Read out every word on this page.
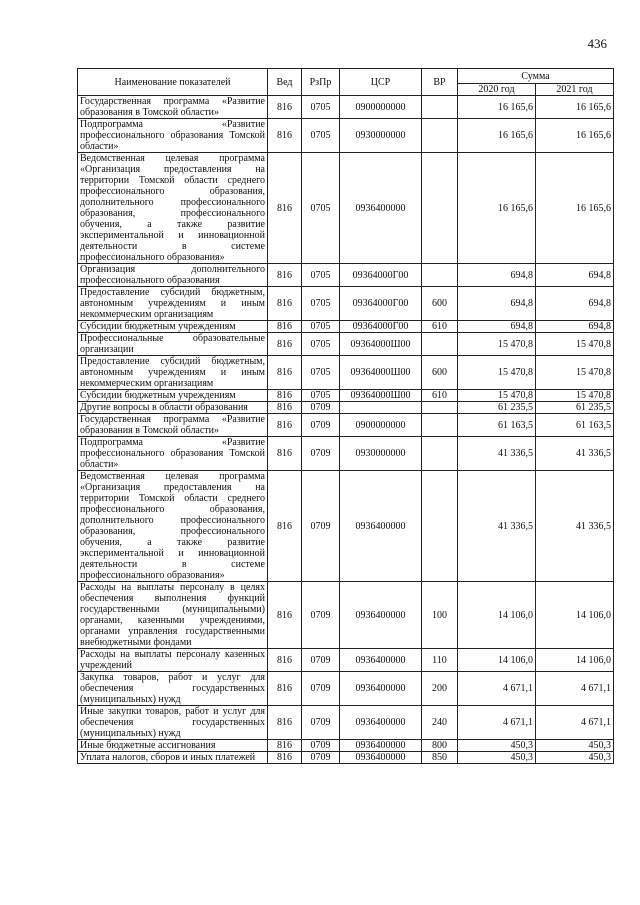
436
Наименование показателей	Вед	РзПр	ЦСР	ВР	Сумма	
					2020 год	2021 год
Государственная программа «Развитие образования в Томской области»	816	0705	0900000000		16 165,6	16 165,6
Подпрограмма «Развитие профессионального образования Томской области»	816	0705	0930000000		16 165,6	16 165,6
Ведомственная целевая программа «Организация предоставления на территории Томской области среднего профессионального образования, дополнительного профессионального образования, профессионального обучения, а также развитие экспериментальной и инновационной деятельности в системе профессионального образования»	816	0705	0936400000		16 165,6	16 165,6
Организация дополнительного профессионального образования	816	0705	09364000Г00		694,8	694,8
Предоставление субсидий бюджетным, автономным учреждениям и иным некоммерческим организациям	816	0705	09364000Г00	600	694,8	694,8
Субсидии бюджетным учреждениям	816	0705	09364000Г00	610	694,8	694,8
Профессиональные образовательные организации	816	0705	09364000Ш00		15 470,8	15 470,8
Предоставление субсидий бюджетным, автономным учреждениям и иным некоммерческим организациям	816	0705	09364000Ш00	600	15 470,8	15 470,8
Субсидии бюджетным учреждениям	816	0705	09364000Ш00	610	15 470,8	15 470,8
Другие вопросы в области образования	816	0709			61 235,5	61 235,5
Государственная программа «Развитие образования в Томской области»	816	0709	0900000000		61 163,5	61 163,5
Подпрограмма «Развитие профессионального образования Томской области»	816	0709	0930000000		41 336,5	41 336,5
Ведомственная целевая программа «Организация предоставления на территории Томской области среднего профессионального образования, дополнительного профессионального образования, профессионального обучения, а также развитие экспериментальной и инновационной деятельности в системе профессионального образования»	816	0709	0936400000		41 336,5	41 336,5
Расходы на выплаты персоналу в целях обеспечения выполнения функций государственными (муниципальными) органами, казенными учреждениями, органами управления государственными внебюджетными фондами	816	0709	0936400000	100	14 106,0	14 106,0
Расходы на выплаты персоналу казенных учреждений	816	0709	0936400000	110	14 106,0	14 106,0
Закупка товаров, работ и услуг для обеспечения государственных (муниципальных) нужд	816	0709	0936400000	200	4 671,1	4 671,1
Иные закупки товаров, работ и услуг для обеспечения государственных (муниципальных) нужд	816	0709	0936400000	240	4 671,1	4 671,1
Иные бюджетные ассигнования	816	0709	0936400000	800	450,3	450,3
Уплата налогов, сборов и иных платежей	816	0709	0936400000	850	450,3	450,3
